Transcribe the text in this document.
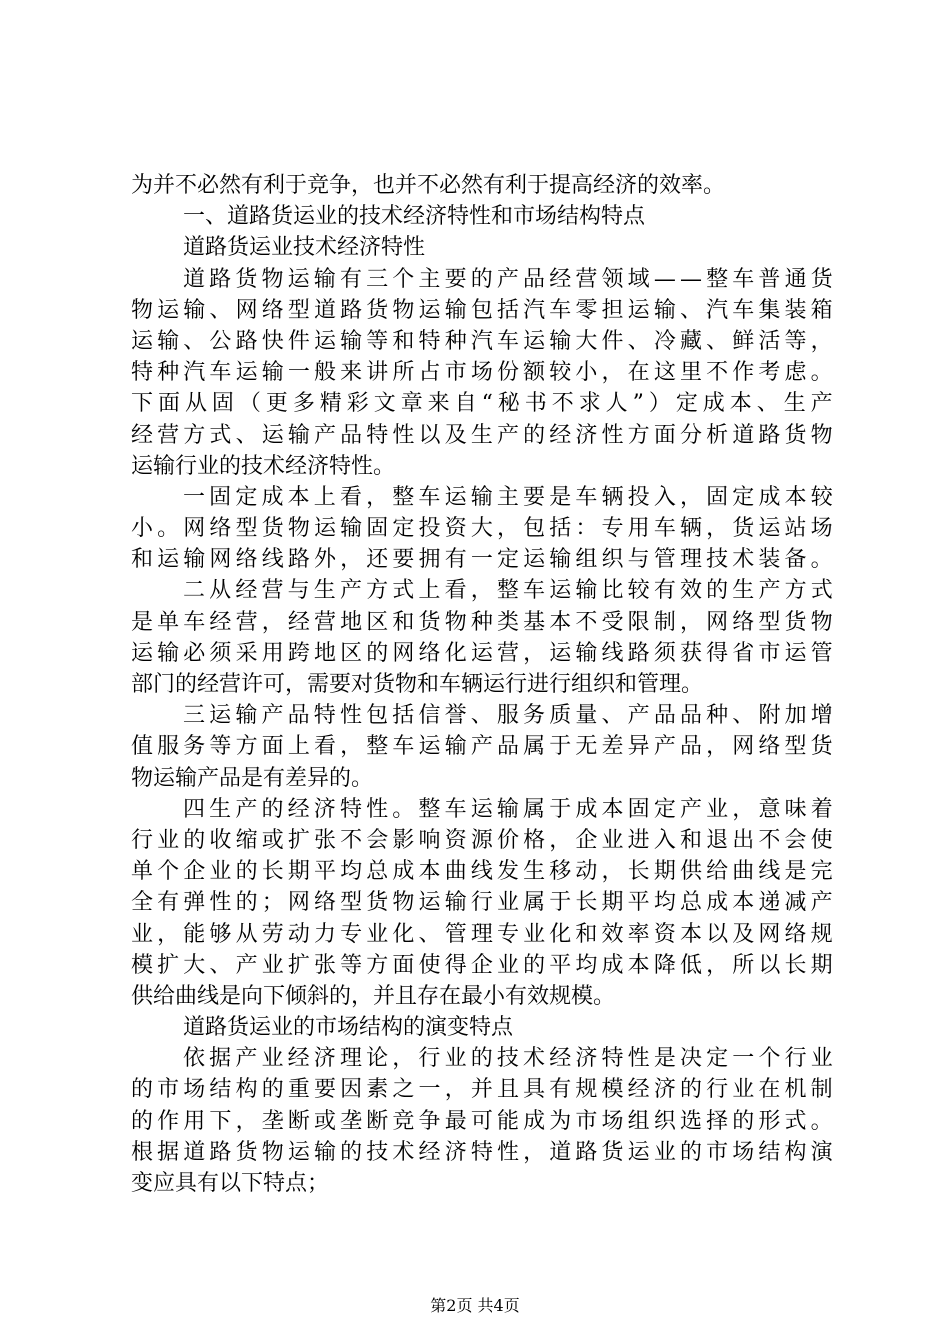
为并不必然有利于竞争，也并不必然有利于提高经济的效率。
一、道路货运业的技术经济特性和市场结构特点
道路货运业技术经济特性
道 路 货 物 运 输 有 三 个 主 要 的 产 品 经 营 领 域 — — 整 车 普 通 货
物 运 输 、 网 络 型 道 路 货 物 运 输 包 括 汽 车 零 担 运 输 、 汽 车 集 装 箱
运 输 、 公 路 快 件 运 输 等 和 特 种 汽 车 运 输 大 件 、 冷 藏 、 鲜 活 等 ，
特 种 汽 车 运 输 一 般 来 讲 所 占 市 场 份 额 较 小 ， 在 这 里 不 作 考 虑 。
下 面 从 固 （ 更 多 精 彩 文 章 来 自 “ 秘 书 不 求 人 ” ） 定 成 本 、 生 产
经 营 方 式 、 运 输 产 品 特 性 以 及 生 产 的 经 济 性 方 面 分 析 道 路 货 物
运输行业的技术经济特性。
一 固 定 成 本 上 看 ， 整 车 运 输 主 要 是 车 辆 投 入 ， 固 定 成 本 较
小 。 网 络 型 货 物 运 输 固 定 投 资 大 ， 包 括 ： 专 用 车 辆 ， 货 运 站 场
和 运 输 网 络 线 路 外 ， 还 要 拥 有 一 定 运 输 组 织 与 管 理 技 术 装 备 。
二 从 经 营 与 生 产 方 式 上 看 ， 整 车 运 输 比 较 有 效 的 生 产 方 式
是 单 车 经 营 ， 经 营 地 区 和 货 物 种 类 基 本 不 受 限 制 ， 网 络 型 货 物
运 输 必 须 采 用 跨 地 区 的 网 络 化 运 营 ， 运 输 线 路 须 获 得 省 市 运 管
部门的经营许可，需要对货物和车辆运行进行组织和管理。
三 运 输 产 品 特 性 包 括 信 誉 、 服 务 质 量 、 产 品 品 种 、 附 加 增
值 服 务 等 方 面 上 看 ， 整 车 运 输 产 品 属 于 无 差 异 产 品 ， 网 络 型 货
物运输产品是有差异的。
四 生 产 的 经 济 特 性 。 整 车 运 输 属 于 成 本 固 定 产 业 ， 意 味 着
行 业 的 收 缩 或 扩 张 不 会 影 响 资 源 价 格 ， 企 业 进 入 和 退 出 不 会 使
单 个 企 业 的 长 期 平 均 总 成 本 曲 线 发 生 移 动 ， 长 期 供 给 曲 线 是 完
全 有 弹 性 的 ； 网 络 型 货 物 运 输 行 业 属 于 长 期 平 均 总 成 本 递 减 产
业 ， 能 够 从 劳 动 力 专 业 化 、 管 理 专 业 化 和 效 率 资 本 以 及 网 络 规
模 扩 大 、 产 业 扩 张 等 方 面 使 得 企 业 的 平 均 成 本 降 低 ， 所 以 长 期
供给曲线是向下倾斜的，并且存在最小有效规模。
道路货运业的市场结构的演变特点
依 据 产 业 经 济 理 论 ， 行 业 的 技 术 经 济 特 性 是 决 定 一 个 行 业
的 市 场 结 构 的 重 要 因 素 之 一 ， 并 且 具 有 规 模 经 济 的 行 业 在 机 制
的 作 用 下 ， 垄 断 或 垄 断 竞 争 最 可 能 成 为 市 场 组 织 选 择 的 形 式 。
根 据 道 路 货 物 运 输 的 技 术 经 济 特 性 ， 道 路 货 运 业 的 市 场 结 构 演
变应具有以下特点；
第2页 共4页
